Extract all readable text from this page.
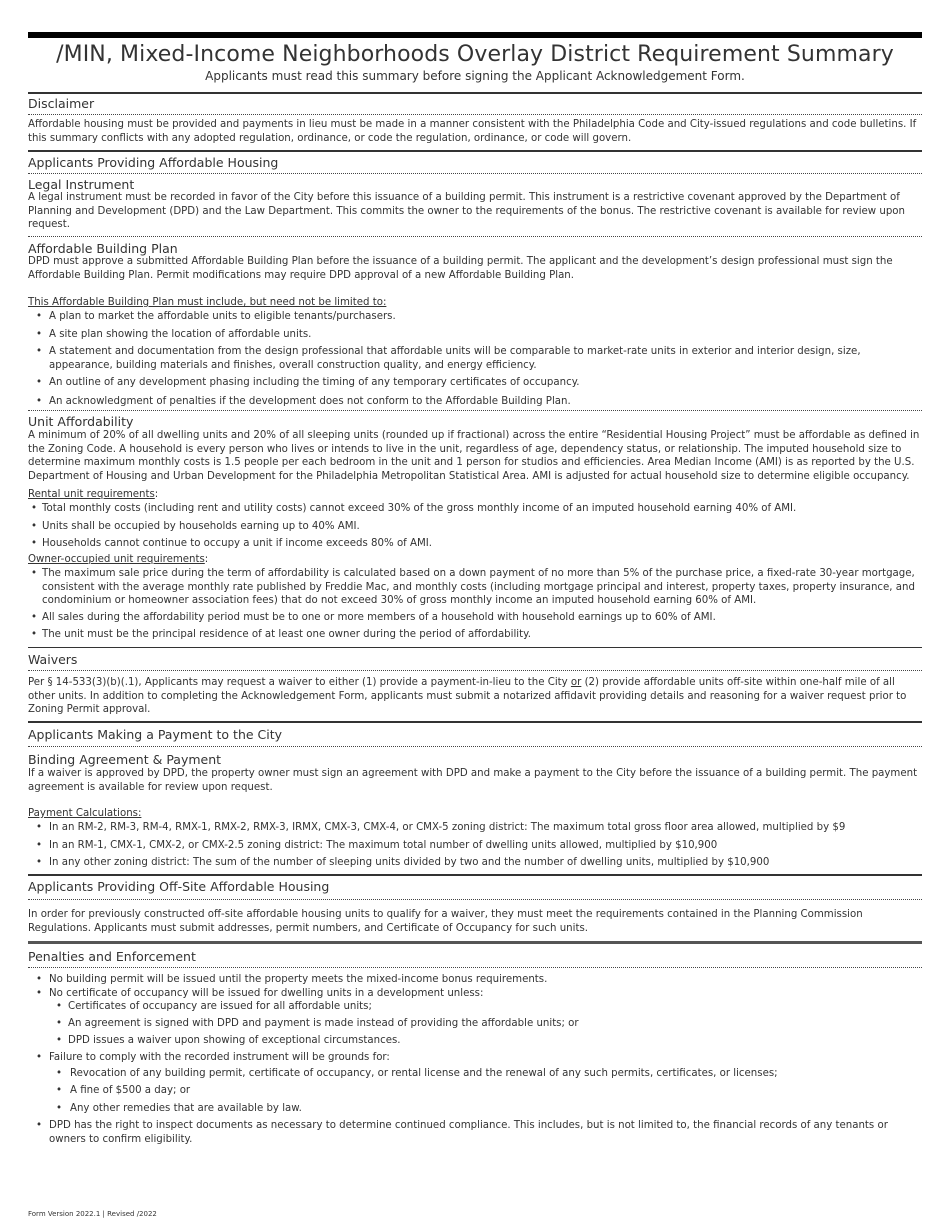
/MIN, Mixed-Income Neighborhoods Overlay District Requirement Summary
Applicants must read this summary before signing the Applicant Acknowledgement Form.
Disclaimer
Affordable housing must be provided and payments in lieu must be made in a manner consistent with the Philadelphia Code and City-issued regulations and code bulletins. If this summary conflicts with any adopted regulation, ordinance, or code the regulation, ordinance, or code will govern.
Applicants Providing Affordable Housing
Legal Instrument
A legal instrument must be recorded in favor of the City before this issuance of a building permit. This instrument is a restrictive covenant approved by the Department of Planning and Development (DPD) and the Law Department. This commits the owner to the requirements of the bonus. The restrictive covenant is available for review upon request.
Affordable Building Plan
DPD must approve a submitted Affordable Building Plan before the issuance of a building permit. The applicant and the development’s design professional must sign the Affordable Building Plan. Permit modifications may require DPD approval of a new Affordable Building Plan.
This Affordable Building Plan must include, but need not be limited to:
• A plan to market the affordable units to eligible tenants/purchasers.
• A site plan showing the location of affordable units.
• A statement and documentation from the design professional that affordable units will be comparable to market-rate units in exterior and interior design, size, appearance, building materials and finishes, overall construction quality, and energy efficiency.
• An outline of any development phasing including the timing of any temporary certificates of occupancy.
• An acknowledgment of penalties if the development does not conform to the Affordable Building Plan.
Unit Affordability
A minimum of 20% of all dwelling units and 20% of all sleeping units (rounded up if fractional) across the entire “Residential Housing Project” must be affordable as defined in the Zoning Code. A household is every person who lives or intends to live in the unit, regardless of age, dependency status, or relationship. The imputed household size to determine maximum monthly costs is 1.5 people per each bedroom in the unit and 1 person for studios and efficiencies. Area Median Income (AMI) is as reported by the U.S. Department of Housing and Urban Development for the Philadelphia Metropolitan Statistical Area. AMI is adjusted for actual household size to determine eligible occupancy.
Rental unit requirements:
• Total monthly costs (including rent and utility costs) cannot exceed 30% of the gross monthly income of an imputed household earning 40% of AMI.
• Units shall be occupied by households earning up to 40% AMI.
• Households cannot continue to occupy a unit if income exceeds 80% of AMI.
Owner-occupied unit requirements:
• The maximum sale price during the term of affordability is calculated based on a down payment of no more than 5% of the purchase price, a fixed-rate 30-year mortgage, consistent with the average monthly rate published by Freddie Mac, and monthly costs (including mortgage principal and interest, property taxes, property insurance, and condominium or homeowner association fees) that do not exceed 30% of gross monthly income an imputed household earning 60% of AMI.
• All sales during the affordability period must be to one or more members of a household with household earnings up to 60% of AMI.
• The unit must be the principal residence of at least one owner during the period of affordability.
Waivers
Per § 14-533(3)(b)(.1), Applicants may request a waiver to either (1) provide a payment-in-lieu to the City or (2) provide affordable units off-site within one-half mile of all other units. In addition to completing the Acknowledgement Form, applicants must submit a notarized affidavit providing details and reasoning for a waiver request prior to Zoning Permit approval.
Applicants Making a Payment to the City
Binding Agreement & Payment
If a waiver is approved by DPD, the property owner must sign an agreement with DPD and make a payment to the City before the issuance of a building permit. The payment agreement is available for review upon request.
Payment Calculations:
• In an RM-2, RM-3, RM-4, RMX-1, RMX-2, RMX-3, IRMX, CMX-3, CMX-4, or CMX-5 zoning district: The maximum total gross floor area allowed, multiplied by $9
• In an RM-1, CMX-1, CMX-2, or CMX-2.5 zoning district: The maximum total number of dwelling units allowed, multiplied by $10,900
• In any other zoning district: The sum of the number of sleeping units divided by two and the number of dwelling units, multiplied by $10,900
Applicants Providing Off-Site Affordable Housing
In order for previously constructed off-site affordable housing units to qualify for a waiver, they must meet the requirements contained in the Planning Commission Regulations. Applicants must submit addresses, permit numbers, and Certificate of Occupancy for such units.
Penalties and Enforcement
• No building permit will be issued until the property meets the mixed-income bonus requirements.
• No certificate of occupancy will be issued for dwelling units in a development unless:
• Certificates of occupancy are issued for all affordable units;
• An agreement is signed with DPD and payment is made instead of providing the affordable units; or
• DPD issues a waiver upon showing of exceptional circumstances.
• Failure to comply with the recorded instrument will be grounds for:
• Revocation of any building permit, certificate of occupancy, or rental license and the renewal of any such permits, certificates, or licenses;
• A fine of $500 a day; or
• Any other remedies that are available by law.
• DPD has the right to inspect documents as necessary to determine continued compliance. This includes, but is not limited to, the financial records of any tenants or owners to confirm eligibility.
Form Version 2022.1 | Revised /2022
